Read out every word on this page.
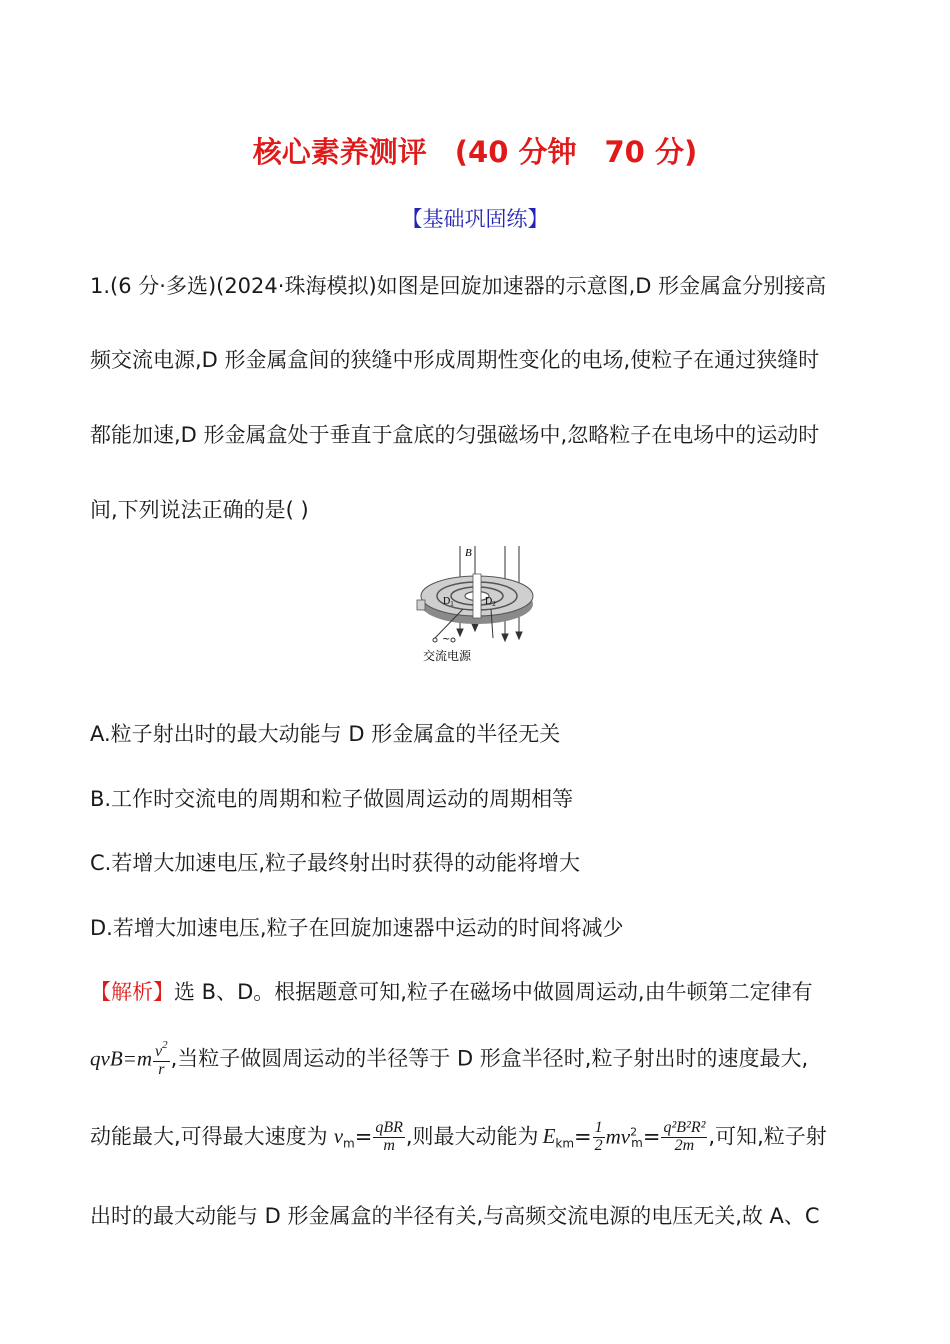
核心素养测评 (40 分钟 70 分)
【基础巩固练】
1.(6 分·多选)(2024·珠海模拟)如图是回旋加速器的示意图,D 形金属盒分别接高
频交流电源,D 形金属盒间的狭缝中形成周期性变化的电场,使粒子在通过狭缝时
都能加速,D 形金属盒处于垂直于盒底的匀强磁场中,忽略粒子在电场中的运动时
间,下列说法正确的是( )
B
$D_1$	$D_2$
~
交流电源
A.粒子射出时的最大动能与 D 形金属盒的半径无关
B.工作时交流电的周期和粒子做圆周运动的周期相等
C.若增大加速电压,粒子最终射出时获得的动能将增大
D.若增大加速电压,粒子在回旋加速器中运动的时间将减少
【解析】选 B、D。根据题意可知,粒子在磁场中做圆周运动,由牛顿第二定律有
$qvB=m \frac{v^2}{r}$ ,当粒子做圆周运动的半径等于 D 形盒半径时,粒子射出时的速度最大,
动能最大,可得最大速度为 $v_m= \frac{\text{qBR}}{m}$ ,则最大动能为 $E_{km}= \frac{1}{2} mv^2_m= \frac{\text{q²B²R²}}{2m}$ ,可知,粒子射
出时的最大动能与 D 形金属盒的半径有关,与高频交流电源的电压无关,故 A、C
